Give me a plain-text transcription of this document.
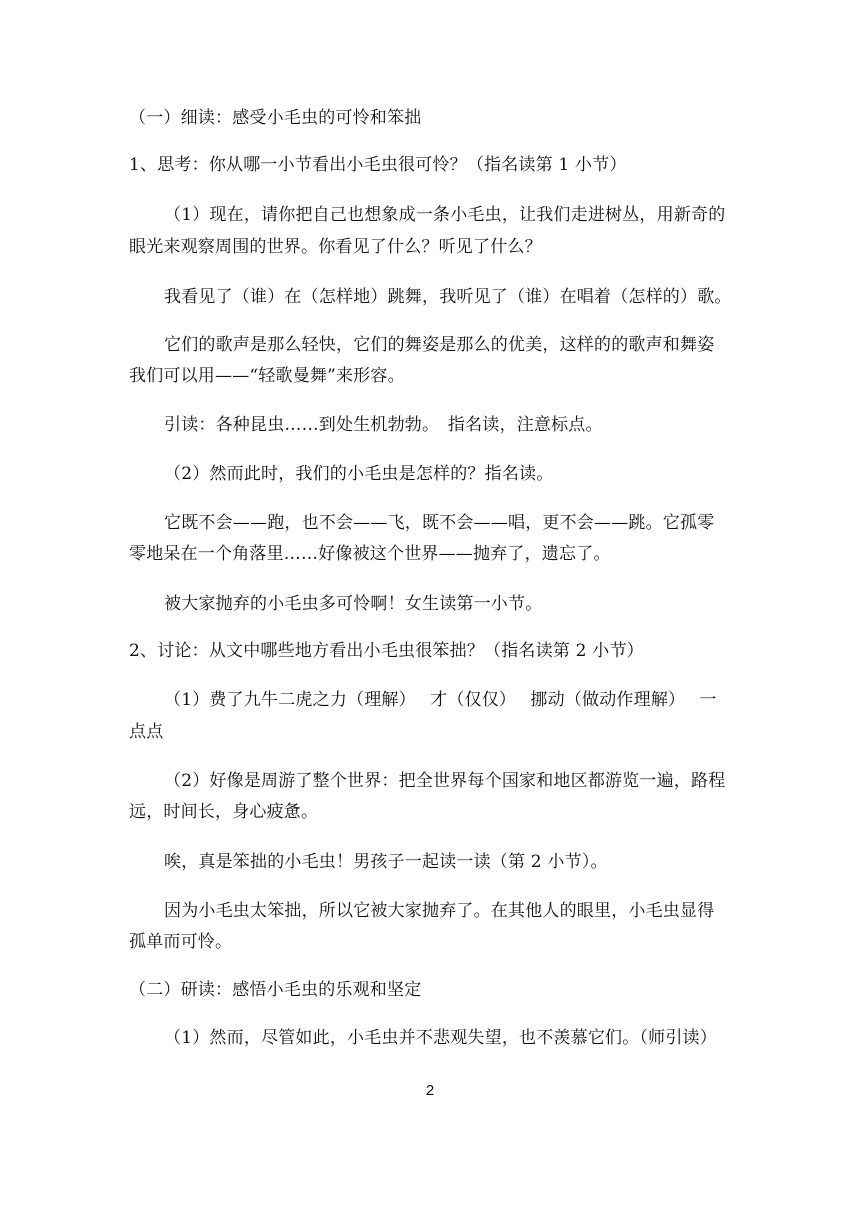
（一）细读：感受小毛虫的可怜和笨拙
1、思考：你从哪一小节看出小毛虫很可怜？（指名读第 1 小节）
（1）现在，请你把自己也想象成一条小毛虫，让我们走进树丛，用新奇的
眼光来观察周围的世界。你看见了什么？听见了什么？
我看见了（谁）在（怎样地）跳舞，我听见了（谁）在唱着（怎样的）歌。
它们的歌声是那么轻快，它们的舞姿是那么的优美，这样的的歌声和舞姿
我们可以用——“轻歌曼舞”来形容。
引读：各种昆虫……到处生机勃勃。　指名读，注意标点。
（2）然而此时，我们的小毛虫是怎样的？指名读。
它既不会——跑，也不会——飞，既不会——唱，更不会——跳。它孤零
零地呆在一个角落里……好像被这个世界——抛弃了，遗忘了。
被大家抛弃的小毛虫多可怜啊！女生读第一小节。
2、讨论：从文中哪些地方看出小毛虫很笨拙？（指名读第 2 小节）
（1）费了九牛二虎之力（理解）　 才（仅仅）　 挪动（做动作理解）　 一
点点
（2）好像是周游了整个世界：把全世界每个国家和地区都游览一遍，路程
远，时间长，身心疲惫。
唉，真是笨拙的小毛虫！男孩子一起读一读（第 2 小节）。
因为小毛虫太笨拙，所以它被大家抛弃了。在其他人的眼里，小毛虫显得
孤单而可怜。
（二）研读：感悟小毛虫的乐观和坚定
（1）然而，尽管如此，小毛虫并不悲观失望，也不羡慕它们。（师引读）
2
